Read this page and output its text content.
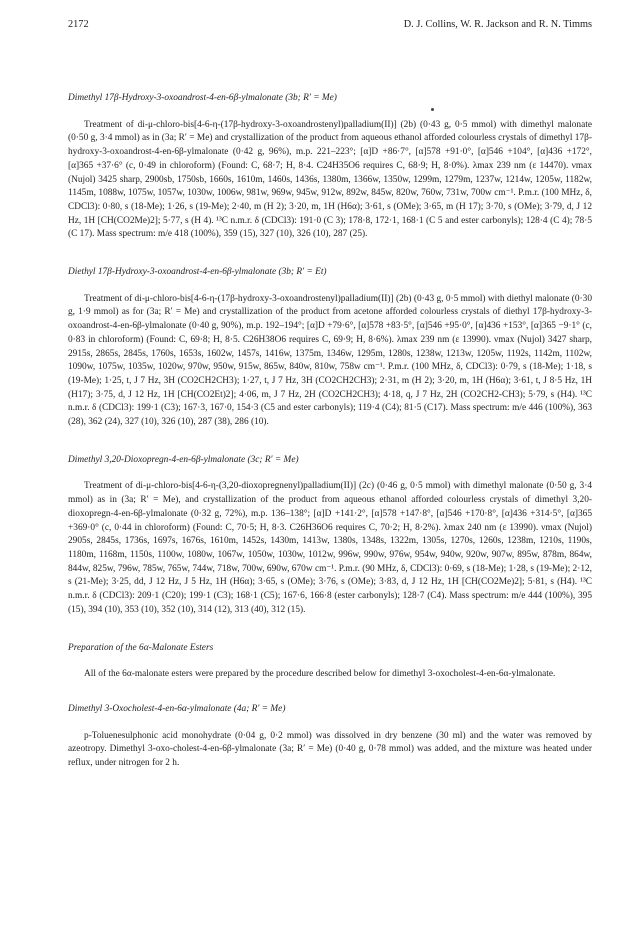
2172	D. J. Collins, W. R. Jackson and R. N. Timms
Dimethyl 17β-Hydroxy-3-oxoandrost-4-en-6β-ylmalonate (3b; R′ = Me)

Treatment of di-μ-chloro-bis[4-6-η-(17β-hydroxy-3-oxoandrostenyl)palladium(II)] (2b) (0·43 g, 0·5 mmol) with dimethyl malonate (0·50 g, 3·4 mmol) as in (3a; R′ = Me) and crystallization of the product from aqueous ethanol afforded colourless crystals of dimethyl 17β-hydroxy-3-oxoandrost-4-en-6β-ylmalonate (0·42 g, 96%), m.p. 221–223°; [α]D +86·7°, [α]578 +91·0°, [α]546 +104°, [α]436 +172°, [α]365 +37·6° (c, 0·49 in chloroform) (Found: C, 68·7; H, 8·4. C24H35O6 requires C, 68·9; H, 8·0%). λmax 239 nm (ε 14470). νmax (Nujol) 3425 sharp, 2900sb, 1750sb, 1660s, 1610m, 1460s, 1436s, 1380m, 1366w, 1350w, 1299m, 1279m, 1237w, 1214w, 1205w, 1182w, 1145m, 1088w, 1075w, 1057w, 1030w, 1006w, 981w, 969w, 945w, 912w, 892w, 845w, 820w, 760w, 731w, 700w cm⁻¹. P.m.r. (100 MHz, δ, CDCl3): 0·80, s (18-Me); 1·26, s (19-Me); 2·40, m (H 2); 3·20, m, 1H (H6α); 3·61, s (OMe); 3·65, m (H 17); 3·70, s (OMe); 3·79, d, J 12 Hz, 1H [CH(CO2Me)2]; 5·77, s (H 4). ¹³C n.m.r. δ (CDCl3): 191·0 (C 3); 178·8, 172·1, 168·1 (C 5 and ester carbonyls); 128·4 (C 4); 78·5 (C 17). Mass spectrum: m/e 418 (100%), 359 (15), 327 (10), 326 (10), 287 (25).

Diethyl 17β-Hydroxy-3-oxoandrost-4-en-6β-ylmalonate (3b; R′ = Et)

Treatment of di-μ-chloro-bis[4-6-η-(17β-hydroxy-3-oxoandrostenyl)palladium(II)] (2b) (0·43 g, 0·5 mmol) with diethyl malonate (0·30 g, 1·9 mmol) as for (3a; R′ = Me) and crystallization of the product from acetone afforded colourless crystals of diethyl 17β-hydroxy-3-oxoandrost-4-en-6β-ylmalonate (0·40 g, 90%), m.p. 192–194°; [α]D +79·6°, [α]578 +83·5°, [α]546 +95·0°, [α]436 +153°, [α]365 −9·1° (c, 0·83 in chloroform) (Found: C, 69·8; H, 8·5. C26H38O6 requires C, 69·9; H, 8·6%). λmax 239 nm (ε 13990). νmax (Nujol) 3427 sharp, 2915s, 2865s, 2845s, 1760s, 1653s, 1602w, 1457s, 1416w, 1375m, 1346w, 1295m, 1280s, 1238w, 1213w, 1205w, 1192s, 1142m, 1102w, 1090w, 1075w, 1035w, 1020w, 970w, 950w, 915w, 865w, 840w, 810w, 758w cm⁻¹. P.m.r. (100 MHz, δ, CDCl3): 0·79, s (18-Me); 1·18, s (19-Me); 1·25, t, J 7 Hz, 3H (CO2CH2CH3); 1·27, t, J 7 Hz, 3H (CO2CH2CH3); 2·31, m (H 2); 3·20, m, 1H (H6α); 3·61, t, J 8·5 Hz, 1H (H17); 3·75, d, J 12 Hz, 1H [CH(CO2Et)2]; 4·06, m, J 7 Hz, 2H (CO2CH2CH3); 4·18, q, J 7 Hz, 2H (CO2CH2-CH3); 5·79, s (H4). ¹³C n.m.r. δ (CDCl3): 199·1 (C3); 167·3, 167·0, 154·3 (C5 and ester carbonyls); 119·4 (C4); 81·5 (C17). Mass spectrum: m/e 446 (100%), 363 (28), 362 (24), 327 (10), 326 (10), 287 (38), 286 (10).

Dimethyl 3,20-Dioxopregn-4-en-6β-ylmalonate (3c; R′ = Me)

Treatment of di-μ-chloro-bis[4-6-η-(3,20-dioxopregnenyl)palladium(II)] (2c) (0·46 g, 0·5 mmol) with dimethyl malonate (0·50 g, 3·4 mmol) as in (3a; R′ = Me), and crystallization of the product from aqueous ethanol afforded colourless crystals of dimethyl 3,20-dioxopregn-4-en-6β-ylmalonate (0·32 g, 72%), m.p. 136–138°; [α]D +141·2°, [α]578 +147·8°, [α]546 +170·8°, [α]436 +314·5°, [α]365 +369·0° (c, 0·44 in chloroform) (Found: C, 70·5; H, 8·3. C26H36O6 requires C, 70·2; H, 8·2%). λmax 240 nm (ε 13990). νmax (Nujol) 2905s, 2845s, 1736s, 1697s, 1676s, 1610m, 1452s, 1430m, 1413w, 1380s, 1348s, 1322m, 1305s, 1270s, 1260s, 1238m, 1210s, 1190s, 1180m, 1168m, 1150s, 1100w, 1080w, 1067w, 1050w, 1030w, 1012w, 996w, 990w, 976w, 954w, 940w, 920w, 907w, 895w, 878m, 864w, 844w, 825w, 796w, 785w, 765w, 744w, 718w, 700w, 690w, 670w cm⁻¹. P.m.r. (90 MHz, δ, CDCl3): 0·69, s (18-Me); 1·28, s (19-Me); 2·12, s (21-Me); 3·25, dd, J 12 Hz, J 5 Hz, 1H (H6α); 3·65, s (OMe); 3·76, s (OMe); 3·83, d, J 12 Hz, 1H [CH(CO2Me)2]; 5·81, s (H4). ¹³C n.m.r. δ (CDCl3): 209·1 (C20); 199·1 (C3); 168·1 (C5); 167·6, 166·8 (ester carbonyls); 128·7 (C4). Mass spectrum: m/e 444 (100%), 395 (15), 394 (10), 353 (10), 352 (10), 314 (12), 313 (40), 312 (15).

Preparation of the 6α-Malonate Esters

All of the 6α-malonate esters were prepared by the procedure described below for dimethyl 3-oxocholest-4-en-6α-ylmalonate.

Dimethyl 3-Oxocholest-4-en-6α-ylmalonate (4a; R′ = Me)

p-Toluenesulphonic acid monohydrate (0·04 g, 0·2 mmol) was dissolved in dry benzene (30 ml) and the water was removed by azeotropy. Dimethyl 3-oxo-cholest-4-en-6β-ylmalonate (3a; R′ = Me) (0·40 g, 0·78 mmol) was added, and the mixture was heated under reflux, under nitrogen for 2 h.
